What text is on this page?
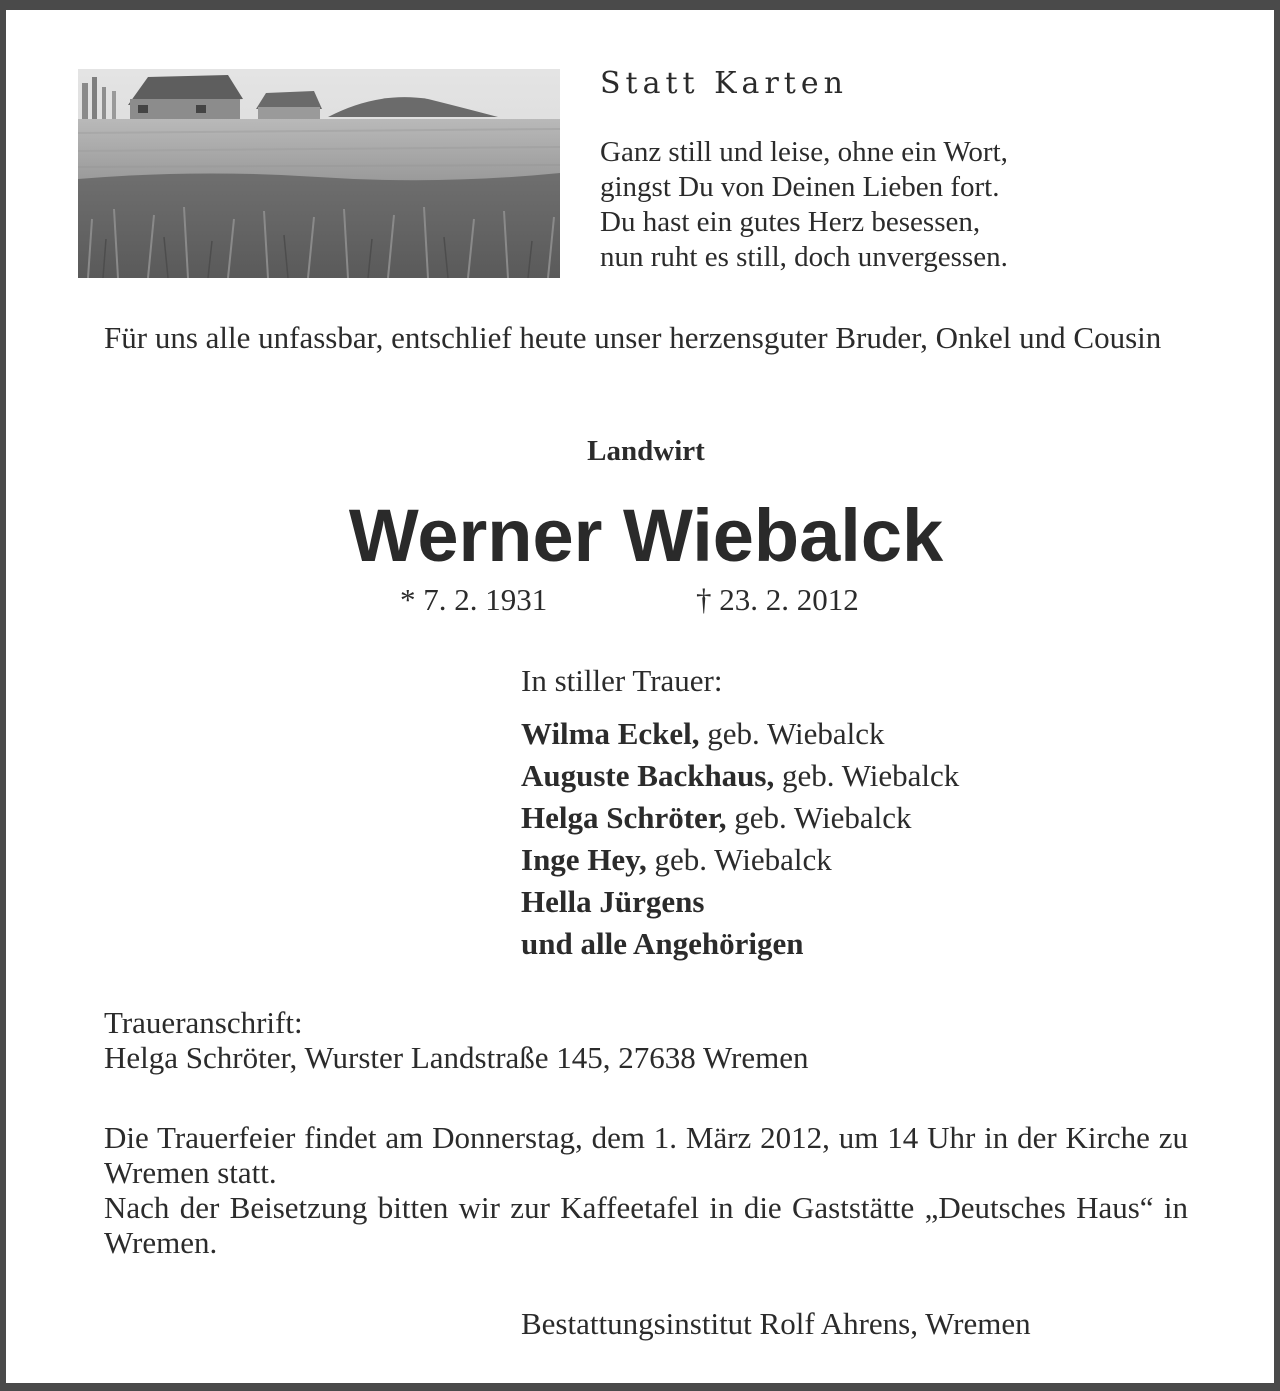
Statt Karten
Ganz still und leise, ohne ein Wort,
gingst Du von Deinen Lieben fort.
Du hast ein gutes Herz besessen,
nun ruht es still, doch unvergessen.
Für uns alle unfassbar, entschlief heute unser herzensguter Bruder, Onkel und Cousin
Landwirt
Werner Wiebalck
* 7. 2. 1931	† 23. 2. 2012
In stiller Trauer:
Wilma Eckel, geb. Wiebalck
Auguste Backhaus, geb. Wiebalck
Helga Schröter, geb. Wiebalck
Inge Hey, geb. Wiebalck
Hella Jürgens
und alle Angehörigen
Traueranschrift:
Helga Schröter, Wurster Landstraße 145, 27638 Wremen

Die Trauerfeier findet am Donnerstag, dem 1. März 2012, um 14 Uhr in der Kirche zu Wremen statt.

Nach der Beisetzung bitten wir zur Kaffeetafel in die Gaststätte „Deutsches Haus“ in Wremen.

Bestattungsinstitut Rolf Ahrens, Wremen
